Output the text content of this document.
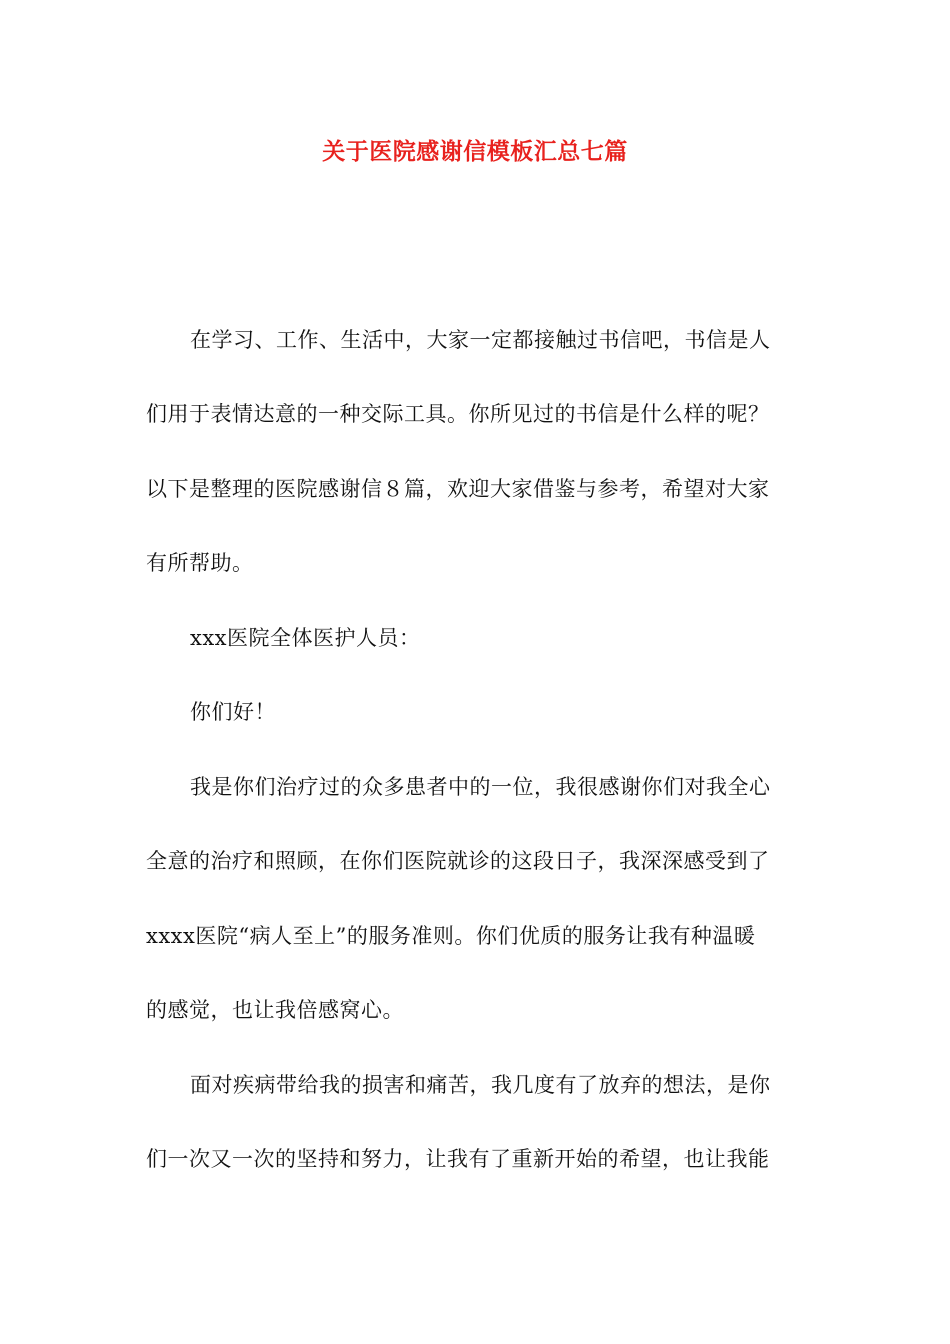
关于医院感谢信模板汇总七篇
在学习、工作、生活中，大家一定都接触过书信吧，书信是人
们用于表情达意的一种交际工具。你所见过的书信是什么样的呢？
以下是整理的医院感谢信８篇，欢迎大家借鉴与参考，希望对大家
有所帮助。
xxx医院全体医护人员：
你们好！
我是你们治疗过的众多患者中的一位，我很感谢你们对我全心
全意的治疗和照顾，在你们医院就诊的这段日子，我深深感受到了
xxxx医院“病人至上”的服务准则。你们优质的服务让我有种温暖
的感觉，也让我倍感窝心。
面对疾病带给我的损害和痛苦，我几度有了放弃的想法，是你
们一次又一次的坚持和努力，让我有了重新开始的希望，也让我能
